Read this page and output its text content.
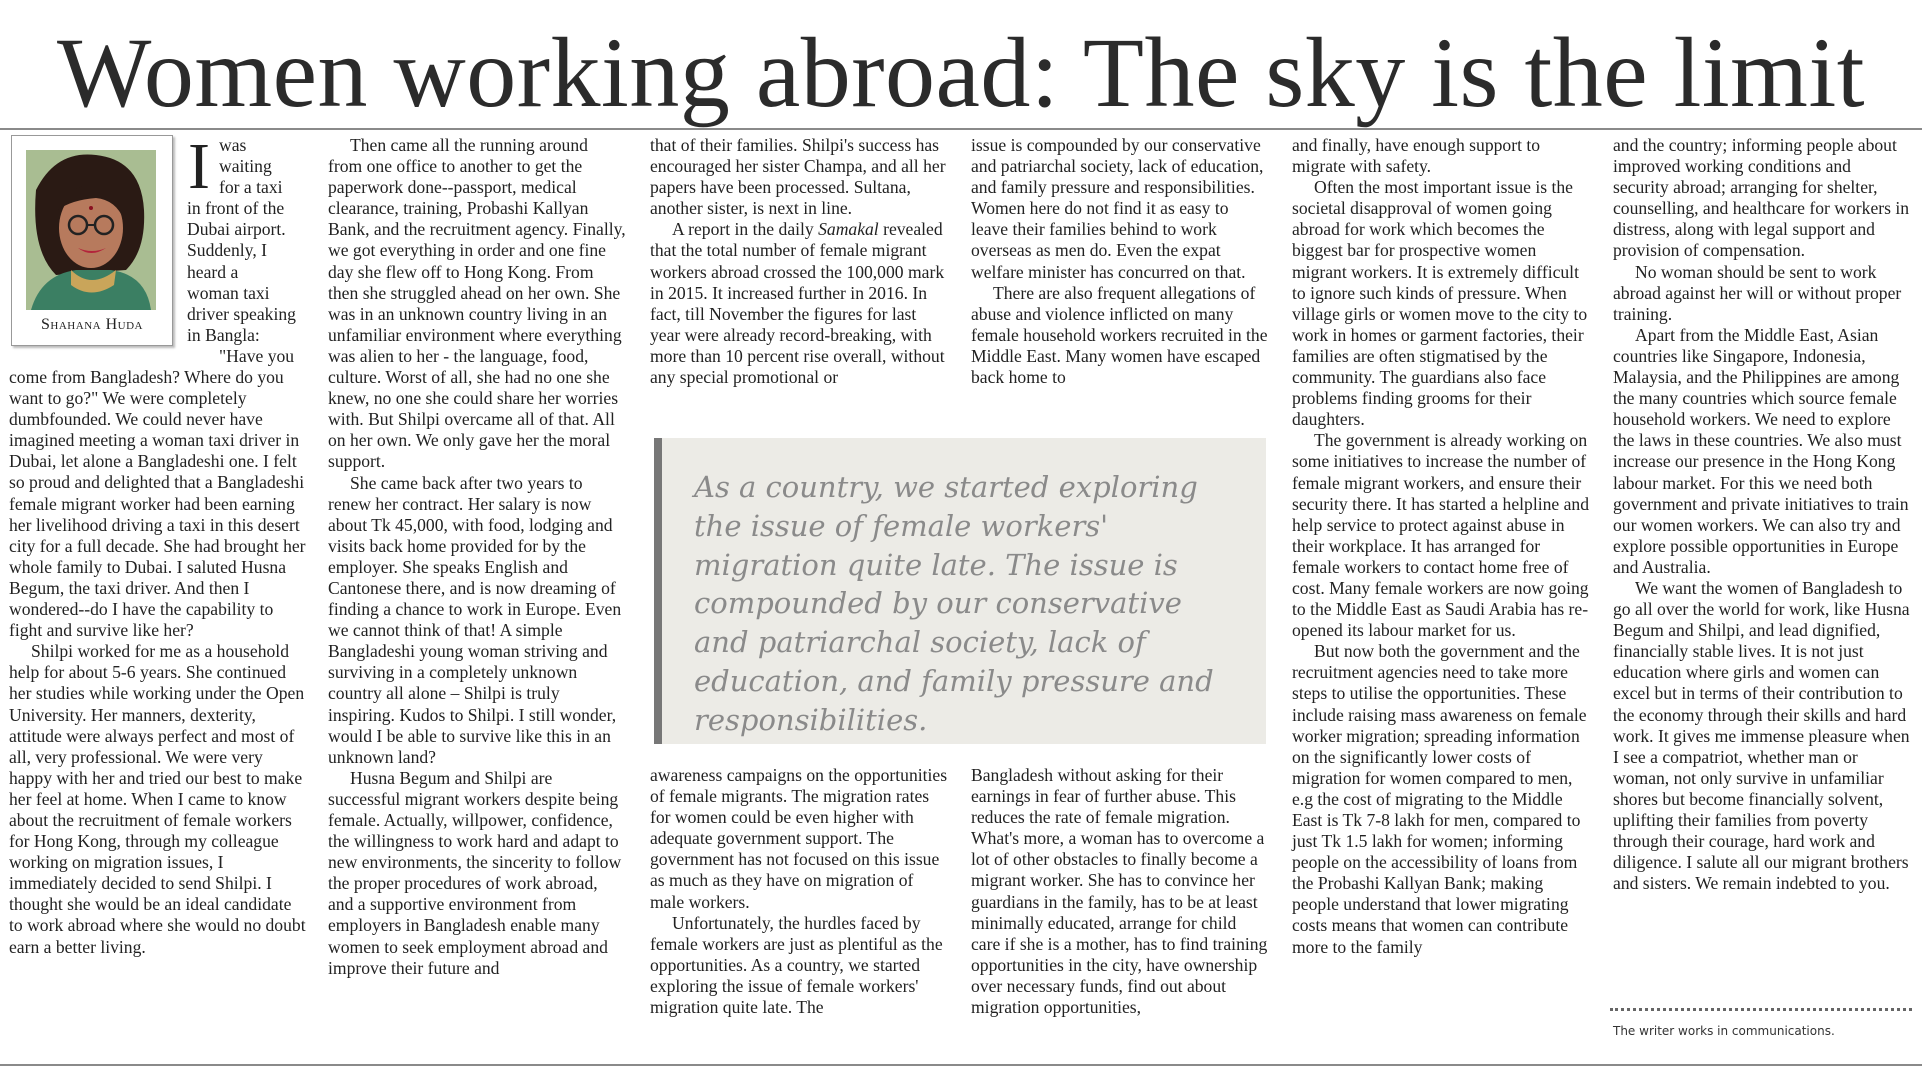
Women working abroad: The sky is the limit
Shahana Huda
I was
waiting
for a taxi
in front of the
Dubai airport.
Suddenly, I
heard a
woman taxi
driver speaking
in Bangla:
"Have you

come from Bangladesh? Where do you want to go?" We were completely dumbfounded. We could never have imagined meeting a woman taxi driver in Dubai, let alone a Bangladeshi one. I felt so proud and delighted that a Bangladeshi female migrant worker had been earning her livelihood driving a taxi in this desert city for a full decade. She had brought her whole family to Dubai. I saluted Husna Begum, the taxi driver. And then I wondered--do I have the capability to fight and survive like her?

Shilpi worked for me as a household help for about 5-6 years. She continued her studies while working under the Open University. Her manners, dexterity, attitude were always perfect and most of all, very professional. We were very happy with her and tried our best to make her feel at home. When I came to know about the recruitment of female workers for Hong Kong, through my colleague working on migration issues, I immediately decided to send Shilpi. I thought she would be an ideal candidate to work abroad where she would no doubt earn a better living.

Then came all the running around from one office to another to get the paperwork done--passport, medical clearance, training, Probashi Kallyan Bank, and the recruitment agency. Finally, we got everything in order and one fine day she flew off to Hong Kong. From then she struggled ahead on her own. She was in an unknown country living in an unfamiliar environment where everything was alien to her - the language, food, culture. Worst of all, she had no one she knew, no one she could share her worries with. But Shilpi overcame all of that. All on her own. We only gave her the moral support.

She came back after two years to renew her contract. Her salary is now about Tk 45,000, with food, lodging and visits back home provided for by the employer. She speaks English and Cantonese there, and is now dreaming of finding a chance to work in Europe. Even we cannot think of that! A simple Bangladeshi young woman striving and surviving in a completely unknown country all alone – Shilpi is truly inspiring. Kudos to Shilpi. I still wonder, would I be able to survive like this in an unknown land?

Husna Begum and Shilpi are successful migrant workers despite being female. Actually, willpower, confidence, the willingness to work hard and adapt to new environments, the sincerity to follow the proper procedures of work abroad, and a supportive environment from employers in Bangladesh enable many women to seek employment abroad and improve their future and

that of their families. Shilpi's success has encouraged her sister Champa, and all her papers have been processed. Sultana, another sister, is next in line.

A report in the daily Samakal revealed that the total number of female migrant workers abroad crossed the 100,000 mark in 2015. It increased further in 2016. In fact, till November the figures for last year were already record-breaking, with more than 10 percent rise overall, without any special promotional or

awareness campaigns on the opportunities of female migrants. The migration rates for women could be even higher with adequate government support. The government has not focused on this issue as much as they have on migration of male workers.

Unfortunately, the hurdles faced by female workers are just as plentiful as the opportunities. As a country, we started exploring the issue of female workers' migration quite late. The

issue is compounded by our conservative and patriarchal society, lack of education, and family pressure and responsibilities. Women here do not find it as easy to leave their families behind to work overseas as men do. Even the expat welfare minister has concurred on that.

There are also frequent allegations of abuse and violence inflicted on many female household workers recruited in the Middle East. Many women have escaped back home to

Bangladesh without asking for their earnings in fear of further abuse. This reduces the rate of female migration. What's more, a woman has to overcome a lot of other obstacles to finally become a migrant worker. She has to convince her guardians in the family, has to be at least minimally educated, arrange for child care if she is a mother, has to find training opportunities in the city, have ownership over necessary funds, find out about migration opportunities,

As a country, we started exploring the issue of female workers' migration quite late. The issue is compounded by our conservative and patriarchal society, lack of education, and family pressure and responsibilities.

and finally, have enough support to migrate with safety.

Often the most important issue is the societal disapproval of women going abroad for work which becomes the biggest bar for prospective women migrant workers. It is extremely difficult to ignore such kinds of pressure. When village girls or women move to the city to work in homes or garment factories, their families are often stigmatised by the community. The guardians also face problems finding grooms for their daughters.

The government is already working on some initiatives to increase the number of female migrant workers, and ensure their security there. It has started a helpline and help service to protect against abuse in their workplace. It has arranged for female workers to contact home free of cost. Many female workers are now going to the Middle East as Saudi Arabia has re-opened its labour market for us.

But now both the government and the recruitment agencies need to take more steps to utilise the opportunities. These include raising mass awareness on female worker migration; spreading information on the significantly lower costs of migration for women compared to men, e.g the cost of migrating to the Middle East is Tk 7-8 lakh for men, compared to just Tk 1.5 lakh for women; informing people on the accessibility of loans from the Probashi Kallyan Bank; making people understand that lower migrating costs means that women can contribute more to the family

and the country; informing people about improved working conditions and security abroad; arranging for shelter, counselling, and healthcare for workers in distress, along with legal support and provision of compensation.

No woman should be sent to work abroad against her will or without proper training.

Apart from the Middle East, Asian countries like Singapore, Indonesia, Malaysia, and the Philippines are among the many countries which source female household workers. We need to explore the laws in these countries. We also must increase our presence in the Hong Kong labour market. For this we need both government and private initiatives to train our women workers. We can also try and explore possible opportunities in Europe and Australia.

We want the women of Bangladesh to go all over the world for work, like Husna Begum and Shilpi, and lead dignified, financially stable lives. It is not just education where girls and women can excel but in terms of their contribution to the economy through their skills and hard work. It gives me immense pleasure when I see a compatriot, whether man or woman, not only survive in unfamiliar shores but become financially solvent, uplifting their families from poverty through their courage, hard work and diligence. I salute all our migrant brothers and sisters. We remain indebted to you.

The writer works in communications.
